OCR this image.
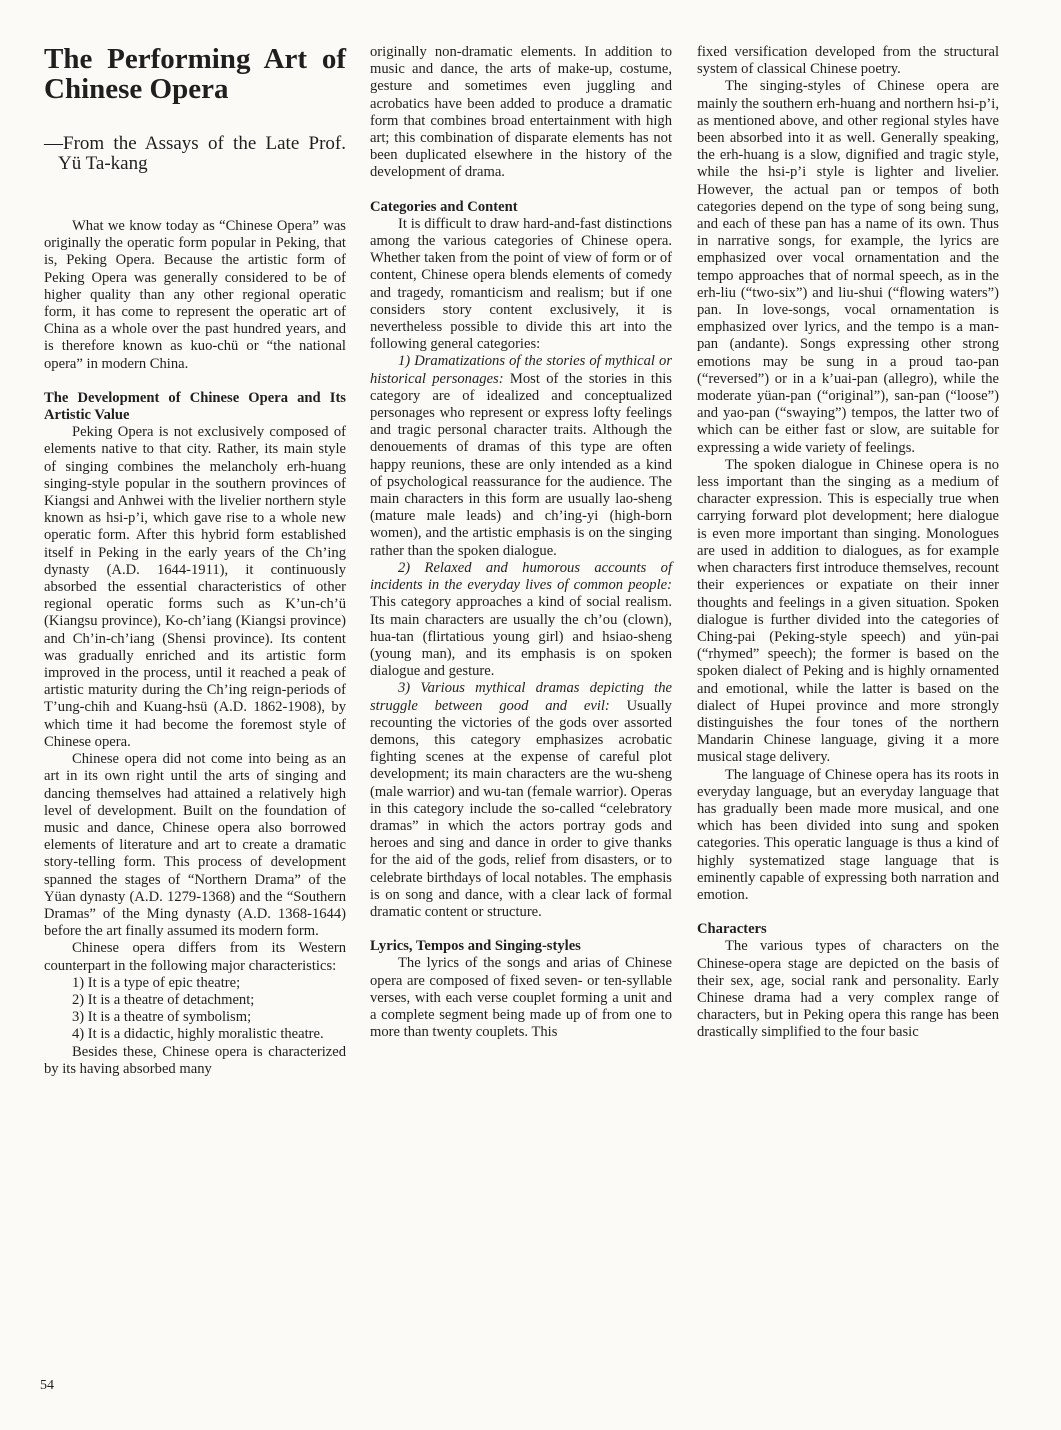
The Performing Art of Chinese Opera

—From the Assays of the Late Prof. Yü Ta-kang

What we know today as “Chinese Opera” was originally the operatic form popular in Peking, that is, Peking Opera. Because the artistic form of Peking Opera was generally considered to be of higher quality than any other regional operatic form, it has come to represent the operatic art of China as a whole over the past hundred years, and is therefore known as kuo-chü or “the national opera” in modern China.

The Development of Chinese Opera and Its Artistic Value

Peking Opera is not exclusively composed of elements native to that city. Rather, its main style of singing combines the melancholy erh-huang singing-style popular in the southern provinces of Kiangsi and Anhwei with the livelier northern style known as hsi-p’i, which gave rise to a whole new operatic form. After this hybrid form established itself in Peking in the early years of the Ch’ing dynasty (A.D. 1644-1911), it continuously absorbed the essential characteristics of other regional operatic forms such as K’un-ch’ü (Kiangsu province), Ko-ch’iang (Kiangsi province) and Ch’in-ch’iang (Shensi province). Its content was gradually enriched and its artistic form improved in the process, until it reached a peak of artistic maturity during the Ch’ing reign-periods of T’ung-chih and Kuang-hsü (A.D. 1862-1908), by which time it had become the foremost style of Chinese opera.

Chinese opera did not come into being as an art in its own right until the arts of singing and dancing themselves had attained a relatively high level of development. Built on the foundation of music and dance, Chinese opera also borrowed elements of literature and art to create a dramatic story-telling form. This process of development spanned the stages of “Northern Drama” of the Yüan dynasty (A.D. 1279-1368) and the “Southern Dramas” of the Ming dynasty (A.D. 1368-1644) before the art finally assumed its modern form.

Chinese opera differs from its Western counterpart in the following major characteristics:

1) It is a type of epic theatre;

2) It is a theatre of detachment;

3) It is a theatre of symbolism;

4) It is a didactic, highly moralistic theatre.

Besides these, Chinese opera is characterized by its having absorbed many

originally non-dramatic elements. In addition to music and dance, the arts of make-up, costume, gesture and sometimes even juggling and acrobatics have been added to produce a dramatic form that combines broad entertainment with high art; this combination of disparate elements has not been duplicated elsewhere in the history of the development of drama.

Categories and Content

It is difficult to draw hard-and-fast distinctions among the various categories of Chinese opera. Whether taken from the point of view of form or of content, Chinese opera blends elements of comedy and tragedy, romanticism and realism; but if one considers story content exclusively, it is nevertheless possible to divide this art into the following general categories:

1) Dramatizations of the stories of mythical or historical personages: Most of the stories in this category are of idealized and conceptualized personages who represent or express lofty feelings and tragic personal character traits. Although the denouements of dramas of this type are often happy reunions, these are only intended as a kind of psychological reassurance for the audience. The main characters in this form are usually lao-sheng (mature male leads) and ch’ing-yi (high-born women), and the artistic emphasis is on the singing rather than the spoken dialogue.

2) Relaxed and humorous accounts of incidents in the everyday lives of common people: This category approaches a kind of social realism. Its main characters are usually the ch’ou (clown), hua-tan (flirtatious young girl) and hsiao-sheng (young man), and its emphasis is on spoken dialogue and gesture.

3) Various mythical dramas depicting the struggle between good and evil: Usually recounting the victories of the gods over assorted demons, this category emphasizes acrobatic fighting scenes at the expense of careful plot development; its main characters are the wu-sheng (male warrior) and wu-tan (female warrior). Operas in this category include the so-called “celebratory dramas” in which the actors portray gods and heroes and sing and dance in order to give thanks for the aid of the gods, relief from disasters, or to celebrate birthdays of local notables. The emphasis is on song and dance, with a clear lack of formal dramatic content or structure.

Lyrics, Tempos and Singing-styles

The lyrics of the songs and arias of Chinese opera are composed of fixed seven- or ten-syllable verses, with each verse couplet forming a unit and a complete segment being made up of from one to more than twenty couplets. This

fixed versification developed from the structural system of classical Chinese poetry.

The singing-styles of Chinese opera are mainly the southern erh-huang and northern hsi-p’i, as mentioned above, and other regional styles have been absorbed into it as well. Generally speaking, the erh-huang is a slow, dignified and tragic style, while the hsi-p’i style is lighter and livelier. However, the actual pan or tempos of both categories depend on the type of song being sung, and each of these pan has a name of its own. Thus in narrative songs, for example, the lyrics are emphasized over vocal ornamentation and the tempo approaches that of normal speech, as in the erh-liu (“two-six”) and liu-shui (“flowing waters”) pan. In love-songs, vocal ornamentation is emphasized over lyrics, and the tempo is a man-pan (andante). Songs expressing other strong emotions may be sung in a proud tao-pan (“reversed”) or in a k’uai-pan (allegro), while the moderate yüan-pan (“original”), san-pan (“loose”) and yao-pan (“swaying”) tempos, the latter two of which can be either fast or slow, are suitable for expressing a wide variety of feelings.

The spoken dialogue in Chinese opera is no less important than the singing as a medium of character expression. This is especially true when carrying forward plot development; here dialogue is even more important than singing. Monologues are used in addition to dialogues, as for example when characters first introduce themselves, recount their experiences or expatiate on their inner thoughts and feelings in a given situation. Spoken dialogue is further divided into the categories of Ching-pai (Peking-style speech) and yün-pai (“rhymed” speech); the former is based on the spoken dialect of Peking and is highly ornamented and emotional, while the latter is based on the dialect of Hupei province and more strongly distinguishes the four tones of the northern Mandarin Chinese language, giving it a more musical stage delivery.

The language of Chinese opera has its roots in everyday language, but an everyday language that has gradually been made more musical, and one which has been divided into sung and spoken categories. This operatic language is thus a kind of highly systematized stage language that is eminently capable of expressing both narration and emotion.

Characters

The various types of characters on the Chinese-opera stage are depicted on the basis of their sex, age, social rank and personality. Early Chinese drama had a very complex range of characters, but in Peking opera this range has been drastically simplified to the four basic

54
